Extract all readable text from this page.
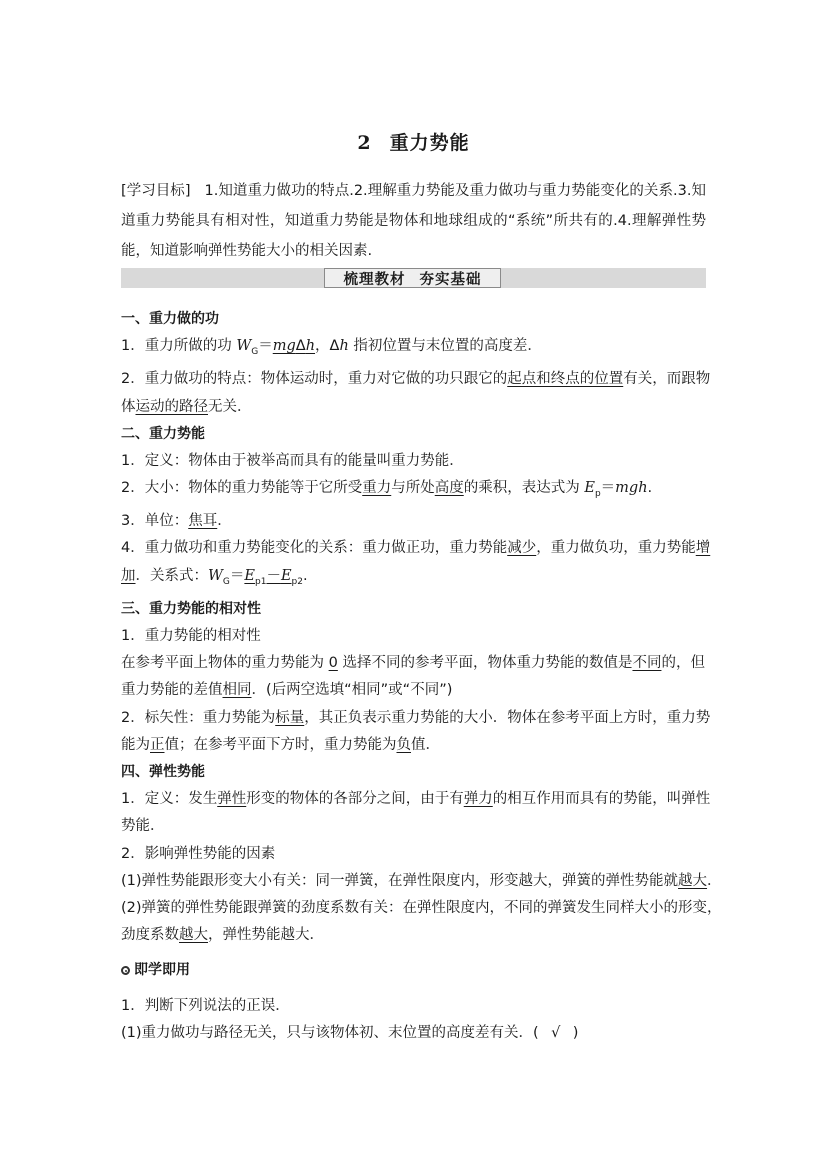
2 重力势能
[学习目标] 1.知道重力做功的特点.2.理解重力势能及重力做功与重力势能变化的关系.3.知道重力势能具有相对性，知道重力势能是物体和地球组成的“系统”所共有的.4.理解弹性势能，知道影响弹性势能大小的相关因素.
梳理教材 夯实基础
一、重力做的功
1．重力所做的功 $W_G=mg\Delta h$，Δh 指初位置与末位置的高度差．
2．重力做功的特点：物体运动时，重力对它做的功只跟它的起点和终点的位置有关，而跟物
体运动的路径无关．
二、重力势能
1．定义：物体由于被举高而具有的能量叫重力势能．
2．大小：物体的重力势能等于它所受重力与所处高度的乘积，表达式为 $E_p=mgh$.
3．单位：焦耳．
4．重力做功和重力势能变化的关系：重力做正功，重力势能减少，重力做负功，重力势能增
加．关系式：$W_G=E_{p1}-E_{p2}$.
三、重力势能的相对性
1．重力势能的相对性
在参考平面上物体的重力势能为 0 选择不同的参考平面，物体重力势能的数值是不同的，但
重力势能的差值相同．(后两空选填“相同”或“不同”)
2．标矢性：重力势能为标量，其正负表示重力势能的大小．物体在参考平面上方时，重力势
能为正值；在参考平面下方时，重力势能为负值．
四、弹性势能
1．定义：发生弹性形变的物体的各部分之间，由于有弹力的相互作用而具有的势能，叫弹性
势能．
2．影响弹性势能的因素
(1)弹性势能跟形变大小有关：同一弹簧，在弹性限度内，形变越大，弹簧的弹性势能就越大．
(2)弹簧的弹性势能跟弹簧的劲度系数有关：在弹性限度内，不同的弹簧发生同样大小的形变，
劲度系数越大，弹性势能越大．
即学即用
1．判断下列说法的正误．
(1)重力做功与路径无关，只与该物体初、末位置的高度差有关．( √ )
